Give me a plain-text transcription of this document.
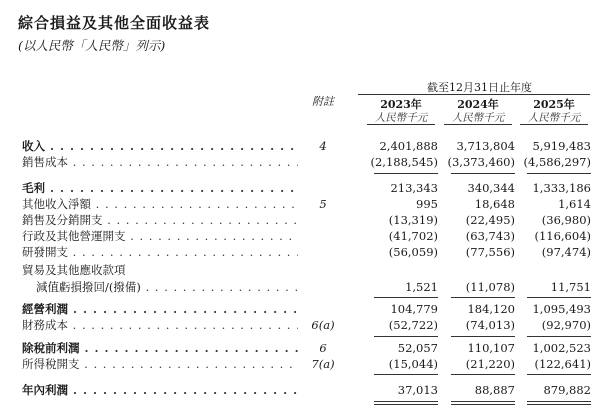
綜合損益及其他全面收益表
(以人民幣「人民幣」列示)
截至12月31日止年度
附註	2023年	2024年	2025年
人民幣千元	人民幣千元	人民幣千元
收入 . . .	4	2,401,888	3,713,804	5,919,483
銷售成本 . . .	(2,188,545) (3,373,460) (4,586,297)
毛利 . . .	213,343	340,344	1,333,186
其他收入淨額 . . .	5	995	18,648	1,614
銷售及分銷開支 . . .	(13,319)	(22,495)	(36,980)
行政及其他營運開支 . . .	(41,702)	(63,743)	(116,604)
研發開支 . . .	(56,059)	(77,556)	(97,474)
貿易及其他應收款項
減值虧損撥回/(撥備) . . .	1,521	(11,078)	11,751
經營利潤 . . .	104,779	184,120	1,095,493
財務成本 . . .	6(a)	(52,722)	(74,013)	(92,970)
除稅前利潤 . . .	6	52,057	110,107	1,002,523
所得稅開支 . . .	7(a)	(15,044)	(21,220)	(122,641)
年內利潤 . . .	37,013	88,887	879,882
